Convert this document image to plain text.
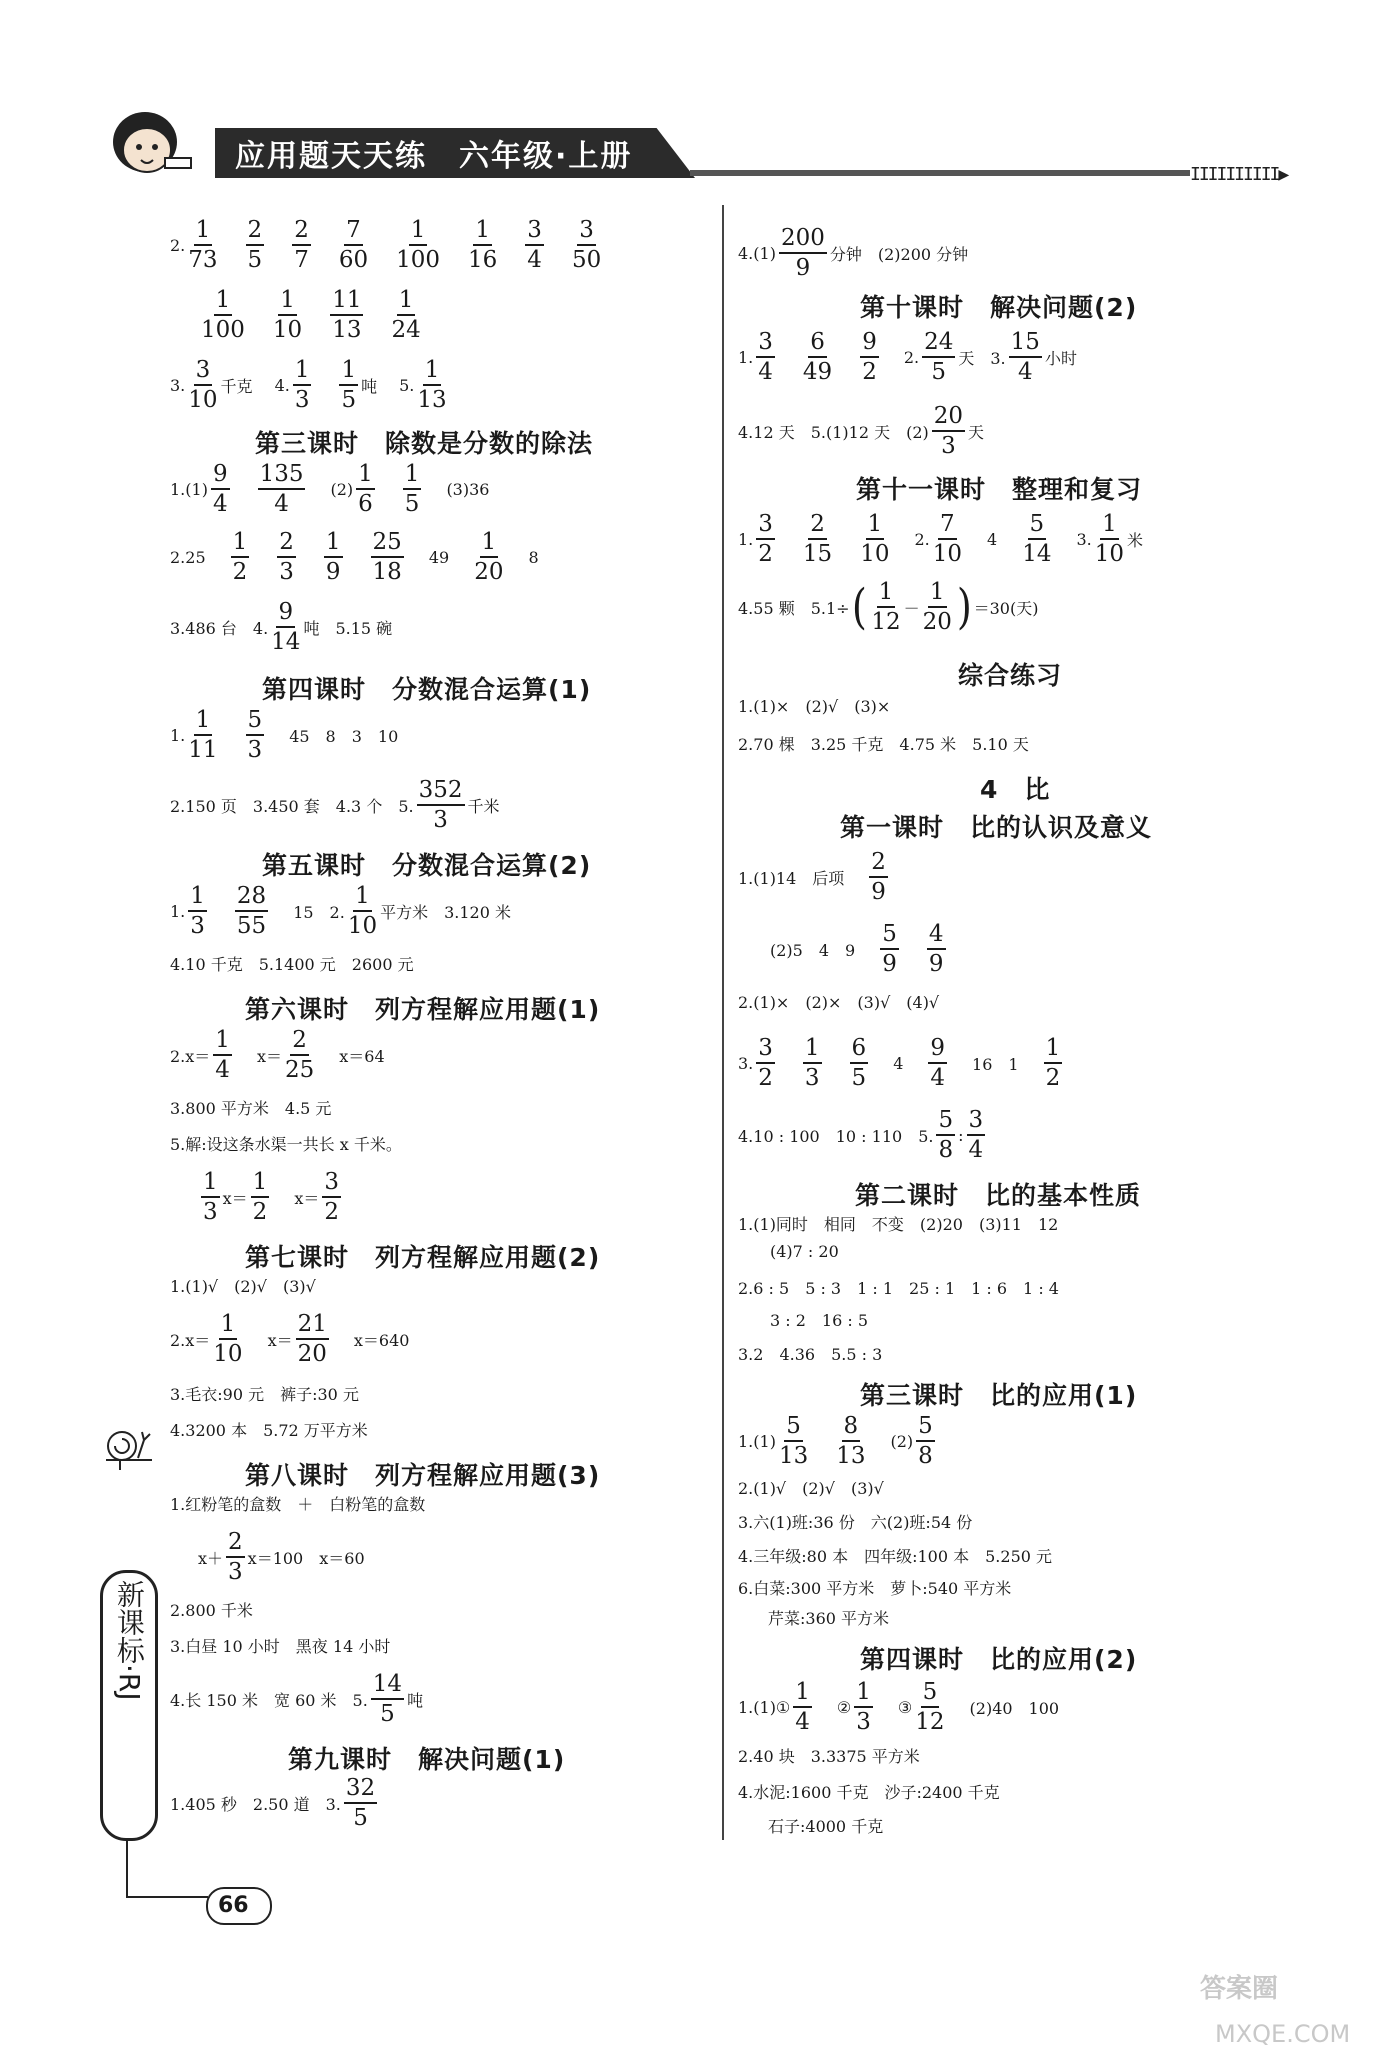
应用题天天练　六年级·上册
IIIIIIIIII▶
2.
1
73
2
5
2
7
7
60
1
100
1
16
3
4
3
50
1
100
1
10
11
13
1
24
3.
3
10
千克 4.
1
3
1
5
吨 5.
1
13
第三课时　除数是分数的除法
1.(1)
9
4
135
4
(2)
1
6
1
5
(3)36
2.25
1
2
2
3
1
9
25
18
49
1
20
8
3.486 台　4.
9
14
吨　5.15 碗
第四课时　分数混合运算(1)
1.
1
11
5
3
45　8　3　10
2.150 页　3.450 套　4.3 个　5.
352
3
千米
第五课时　分数混合运算(2)
1.
1
3
28
55
15　2.
1
10
平方米　3.120 米
4.10 千克　5.1400 元　2600 元
第六课时　列方程解应用题(1)
2.x＝
1
4
x＝
2
25
x＝64
3.800 平方米　4.5 元
5.解:设这条水渠一共长 x 千米。
1
3
x＝
1
2
x＝
3
2
第七课时　列方程解应用题(2)
1.(1)√　(2)√　(3)√
2.x＝
1
10
x＝
21
20
x＝640
3.毛衣:90 元　裤子:30 元
4.3200 本　5.72 万平方米
第八课时　列方程解应用题(3)
1.红粉笔的盒数　＋　白粉笔的盒数
x＋
2
3
x＝100　x＝60
2.800 千米
3.白昼 10 小时　黑夜 14 小时
4.长 150 米　宽 60 米　5.
14
5
吨
第九课时　解决问题(1)
1.405 秒　2.50 道　3.
32
5
新课标·RJ
66
4.(1)
200
9
分钟　(2)200 分钟
第十课时　解决问题(2)
1.
3
4
6
49
9
2
2.
24
5
天　3.
15
4
小时
4.12 天　5.(1)12 天　(2)
20
3
天
第十一课时　整理和复习
1.
3
2
2
15
1
10
2.
7
10
4
5
14
3.
1
10
米
4.55 颗　5.1÷ ( 1
12
－
1
20 ) ＝30(天)
综合练习
1.(1)×　(2)√　(3)×
2.70 棵　3.25 千克　4.75 米　5.10 天
4　比
第一课时　比的认识及意义
1.(1)14　后项
2
9
(2)5　4　9
5
9
4
9
2.(1)×　(2)×　(3)√　(4)√
3.
3
2
1
3
6
5
4
9
4
16　1
1
2
4.10 : 100　10 : 110　5.
5
8
:
3
4
第二课时　比的基本性质
1.(1)同时　相同　不变　(2)20　(3)11　12
(4)7 : 20
2.6 : 5　5 : 3　1 : 1　25 : 1　1 : 6　1 : 4
3 : 2　16 : 5
3.2　4.36　5.5 : 3
第三课时　比的应用(1)
1.(1)
5
13
8
13
(2)
5
8
2.(1)√　(2)√　(3)√
3.六(1)班:36 份　六(2)班:54 份
4.三年级:80 本　四年级:100 本　5.250 元
6.白菜:300 平方米　萝卜:540 平方米
芹菜:360 平方米
第四课时　比的应用(2)
1.(1)①
1
4
②
1
3
③
5
12
(2)40　100
2.40 块　3.3375 平方米
4.水泥:1600 千克　沙子:2400 千克
石子:4000 千克
答案圈
MXQE.COM
